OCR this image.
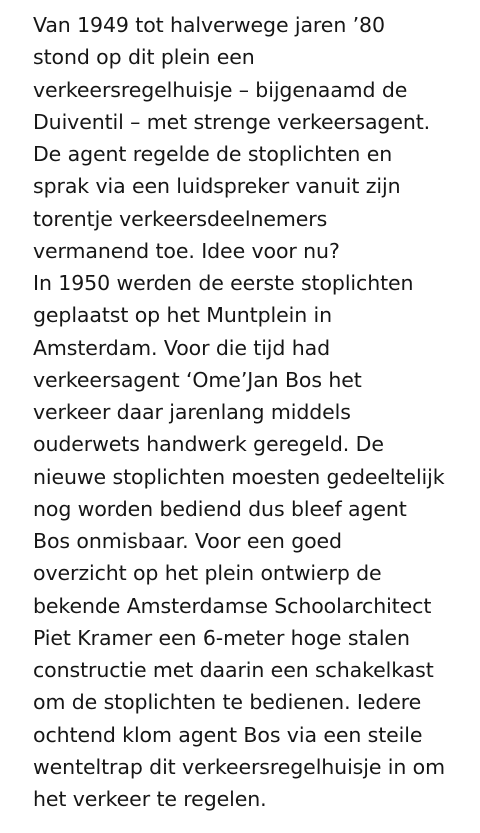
Van 1949 tot halverwege jaren ’80
stond op dit plein een
verkeersregelhuisje – bijgenaamd de
Duiventil – met strenge verkeersagent.
De agent regelde de stoplichten en
sprak via een luidspreker vanuit zijn
torentje verkeersdeelnemers
vermanend toe. Idee voor nu?
In 1950 werden de eerste stoplichten
geplaatst op het Muntplein in
Amsterdam. Voor die tijd had
verkeersagent ‘Ome’Jan Bos het
verkeer daar jarenlang middels
ouderwets handwerk geregeld. De
nieuwe stoplichten moesten gedeeltelijk
nog worden bediend dus bleef agent
Bos onmisbaar. Voor een goed
overzicht op het plein ontwierp de
bekende Amsterdamse Schoolarchitect
Piet Kramer een 6-meter hoge stalen
constructie met daarin een schakelkast
om de stoplichten te bedienen. Iedere
ochtend klom agent Bos via een steile
wenteltrap dit verkeersregelhuisje in om
het verkeer te regelen.
